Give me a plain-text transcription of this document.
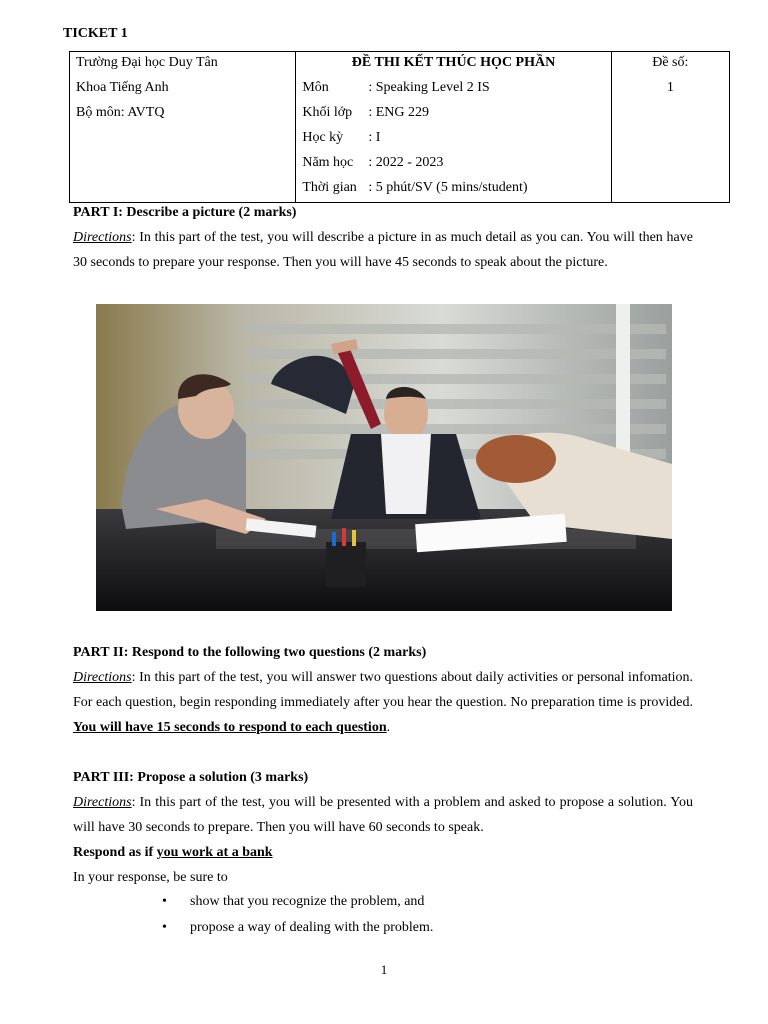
TICKET 1
Trường Đại học Duy Tân
Khoa Tiếng Anh
Bộ môn: AVTQ

ĐỀ THI KẾT THÚC HỌC PHẦN
Môn	: Speaking Level 2 IS
Khối lớp : ENG 229
Học kỳ : I
Năm học : 2022 - 2023
Thời gian : 5 phút/SV (5 mins/student)

Đề số:
1
PART I: Describe a picture (2 marks)
Directions: In this part of the test, you will describe a picture in as much detail as you can. You will then have 30 seconds to prepare your response. Then you will have 45 seconds to speak about the picture.
PART II: Respond to the following two questions (2 marks)
Directions: In this part of the test, you will answer two questions about daily activities or personal infomation. For each question, begin responding immediately after you hear the question. No preparation time is provided. You will have 15 seconds to respond to each question.
PART III: Propose a solution (3 marks)
Directions: In this part of the test, you will be presented with a problem and asked to propose a solution. You will have 30 seconds to prepare. Then you will have 60 seconds to speak.
Respond as if you work at a bank
In your response, be sure to
• show that you recognize the problem, and
• propose a way of dealing with the problem.
1
